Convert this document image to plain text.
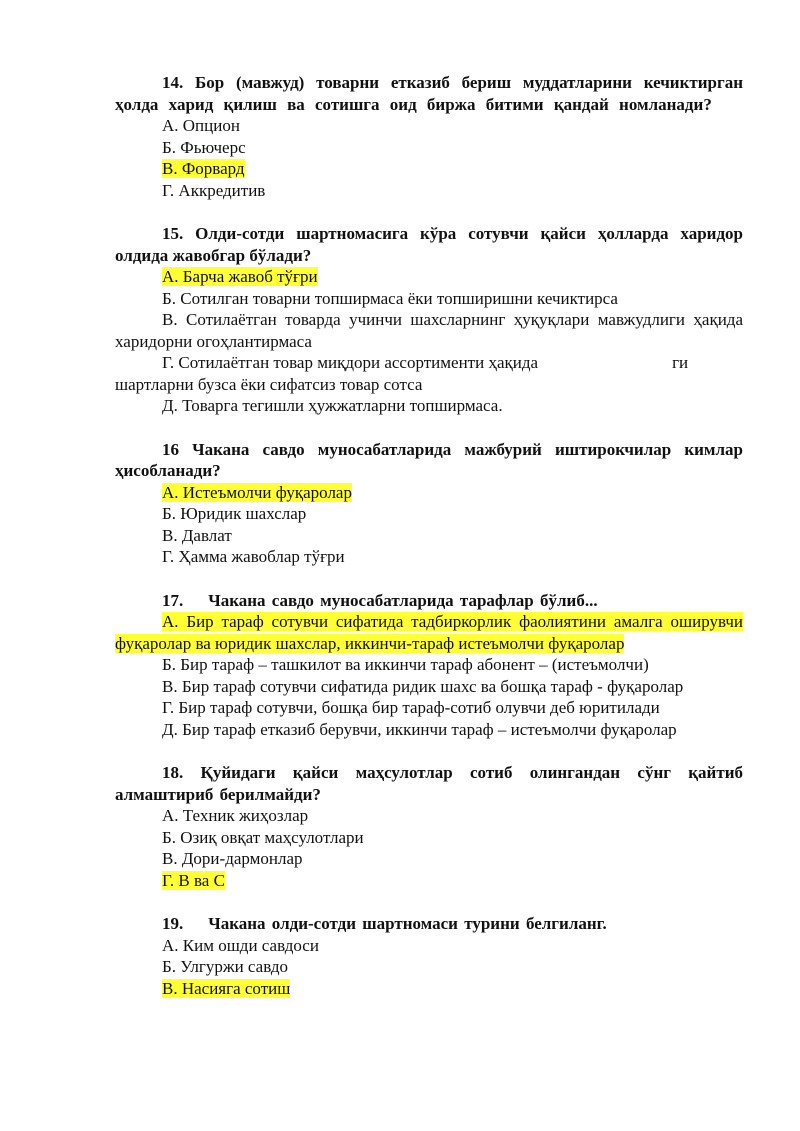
14. Бор (мавжуд) товарни етказиб бериш муддатларини кечиктирган ҳолда харид қилиш ва сотишга оид биржа битими қандай номланади?

А. Опцион

Б. Фьючерс

В. Форвард

Г. Аккредитив

15. Олди-сотди шартномасига кўра сотувчи қайси ҳолларда харидор олдида жавобгар бўлади?

А. Барча жавоб тўғри

Б. Сотилган товарни топширмаса ёки топширишни кечиктирса

В. Сотилаётган товарда учинчи шахсларнинг ҳуқуқлари мавжудлиги ҳақида харидорни огоҳлантирмаса

Г. Сотилаётган товар миқдори ассортименти ҳақида	ги

шартларни бузса ёки сифатсиз товар сотса

Д. Товарга тегишли ҳужжатларни топширмаса.

16 Чакана савдо муносабатларида мажбурий иштирокчилар кимлар ҳисобланади?

А. Истеъмолчи фуқаролар

Б. Юридик шахслар

В. Давлат

Г. Ҳамма жавоблар тўғри

17.    Чакана савдо муносабатларида тарафлар бўлиб...

А. Бир тараф сотувчи сифатида тадбиркорлик фаолиятини амалга оширувчи фуқаролар ва юридик шахслар, иккинчи-тараф истеъмолчи фуқаролар

Б. Бир тараф – ташкилот ва иккинчи тараф абонент – (истеъмолчи)

В. Бир тараф сотувчи сифатида ридик шахс ва бошқа тараф - фуқаролар

Г. Бир тараф сотувчи, бошқа бир тараф-сотиб олувчи деб юритилади

Д. Бир тараф етказиб берувчи, иккинчи тараф – истеъмолчи фуқаролар

18. Қуйидаги қайси маҳсулотлар сотиб олингандан сўнг қайтиб алмаштириб берилмайди?

А. Техник жиҳозлар

Б. Озиқ овқат маҳсулотлари

В. Дори-дармонлар

Г. В ва С

19.    Чакана олди-сотди шартномаси турини белгиланг.

А. Ким ошди савдоси

Б. Улгуржи савдо

В. Насияга сотиш
